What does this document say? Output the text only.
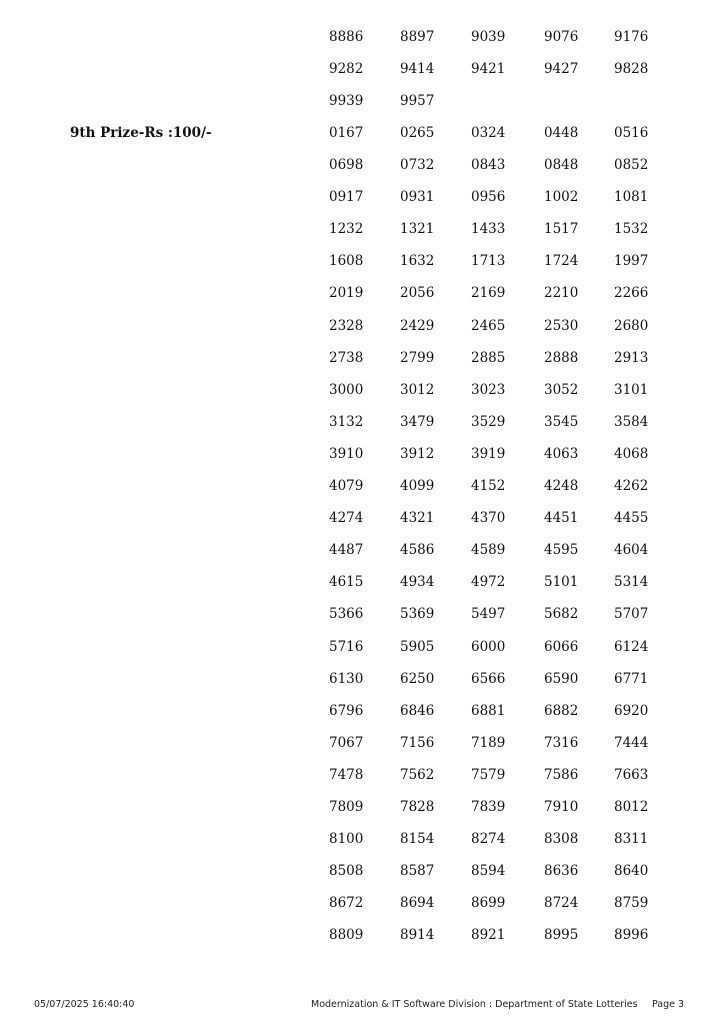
8886	8897	9039	9076	9176
9282	9414	9421	9427	9828
9939	9957
9th Prize-Rs :100/-	0167	0265	0324	0448	0516
0698	0732	0843	0848	0852
0917	0931	0956	1002	1081
1232	1321	1433	1517	1532
1608	1632	1713	1724	1997
2019	2056	2169	2210	2266
2328	2429	2465	2530	2680
2738	2799	2885	2888	2913
3000	3012	3023	3052	3101
3132	3479	3529	3545	3584
3910	3912	3919	4063	4068
4079	4099	4152	4248	4262
4274	4321	4370	4451	4455
4487	4586	4589	4595	4604
4615	4934	4972	5101	5314
5366	5369	5497	5682	5707
5716	5905	6000	6066	6124
6130	6250	6566	6590	6771
6796	6846	6881	6882	6920
7067	7156	7189	7316	7444
7478	7562	7579	7586	7663
7809	7828	7839	7910	8012
8100	8154	8274	8308	8311
8508	8587	8594	8636	8640
8672	8694	8699	8724	8759
8809	8914	8921	8995	8996
05/07/2025 16:40:40	Modernization & IT Software Division : Department of State Lotteries Page 3
